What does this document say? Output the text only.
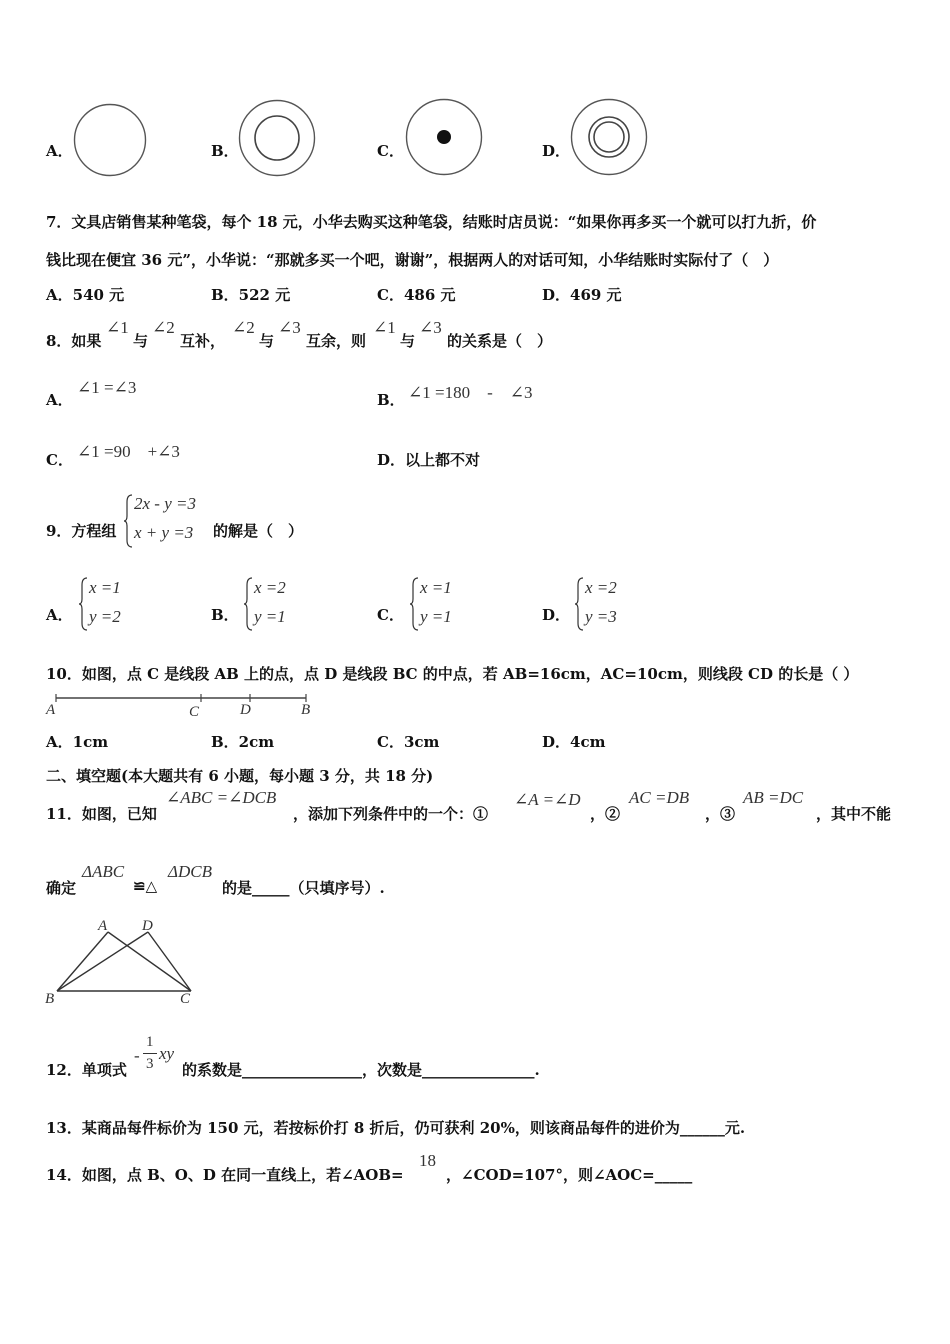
A．	B．	C．	D．
7．文具店销售某种笔袋，每个 18 元，小华去购买这种笔袋，结账时店员说：“如果你再多买一个就可以打九折，价
钱比现在便宜 36 元”，小华说：“那就多买一个吧，谢谢”，根据两人的对话可知，小华结账时实际付了（　）
A．540 元	B．522 元	C．486 元	D．469 元
8．如果
∠1
与
∠2
互补，
∠2
与
∠3
互余，则
∠1
与
∠3
的关系是（　）
A．
∠1 =∠3
B． ∠1 =180　-　∠3
C． ∠1 =90　+∠3	D．以上都不对
9．方程组
2x - y =3
x + y =3 的解是（　）
A．
x =1
y =2	B．
x =2
y =1	C．
x =1
y =1	D．
x =2
y =3
10．如图，点 C 是线段 AB 上的点，点 D 是线段 BC 的中点，若 AB=16cm，AC=10cm，则线段 CD 的长是（ ）
A	C	D	B
A．1cm	B．2cm	C．3cm	D．4cm
二、填空题(本大题共有 6 小题，每小题 3 分，共 18 分)
11．如图，已知
∠ABC =∠DCB
，添加下列条件中的一个：①
∠A =∠D
，②
AC =DB
，③
AB =DC
，其中不能
确定
ΔABC
≌△
ΔDCB
的是_____（只填序号）.
A D
B	C
12．单项式
-
1
3
xy
的系数是________________，次数是_______________.
13．某商品每件标价为 150 元，若按标价打 8 折后，仍可获利 20%，则该商品每件的进价为______元.
14．如图，点 B、O、D 在同一直线上，若∠AOB=
18
，∠COD=107°，则∠AOC=_____
